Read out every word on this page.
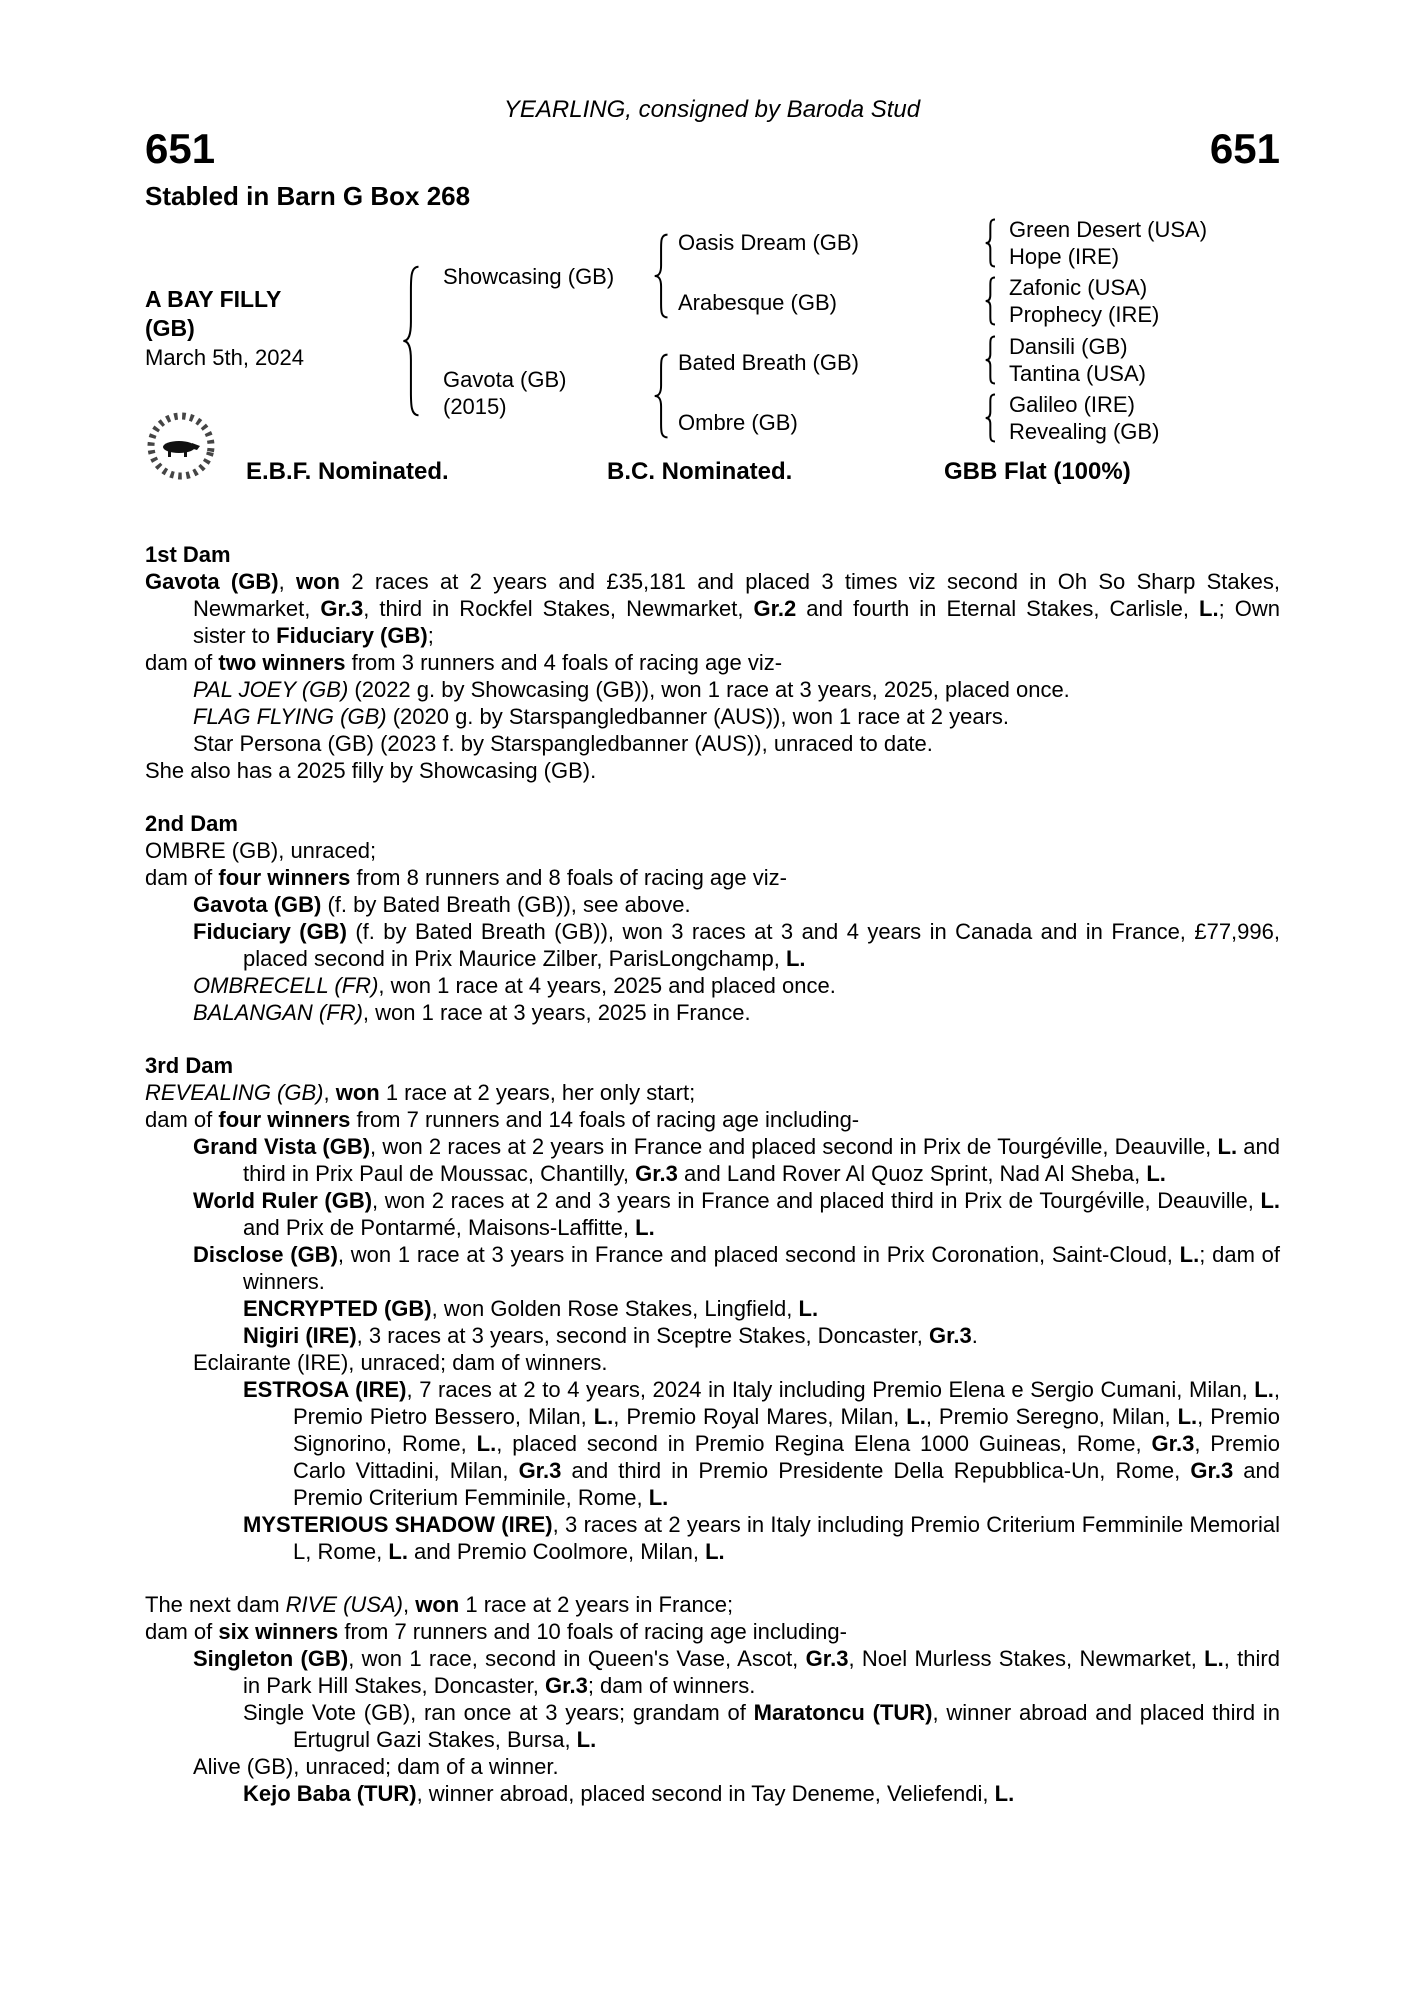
YEARLING, consigned by Baroda Stud
651	651
Stabled in Barn G Box 268
A BAY FILLY
(GB)
March 5th, 2024
Showcasing (GB)
Gavota (GB)
(2015)
Oasis Dream (GB)
Arabesque (GB)
Bated Breath (GB)
Ombre (GB)
Green Desert (USA)
Hope (IRE)
Zafonic (USA)
Prophecy (IRE)
Dansili (GB)
Tantina (USA)
Galileo (IRE)
Revealing (GB)
E.B.F. Nominated.	B.C. Nominated.	GBB Flat (100%)
1st Dam
Gavota (GB), won 2 races at 2 years and £35,181 and placed 3 times viz second in Oh So Sharp Stakes, Newmarket, Gr.3, third in Rockfel Stakes, Newmarket, Gr.2 and fourth in Eternal Stakes, Carlisle, L.; Own sister to Fiduciary (GB);
dam of two winners from 3 runners and 4 foals of racing age viz-
PAL JOEY (GB) (2022 g. by Showcasing (GB)), won 1 race at 3 years, 2025, placed once.
FLAG FLYING (GB) (2020 g. by Starspangledbanner (AUS)), won 1 race at 2 years.
Star Persona (GB) (2023 f. by Starspangledbanner (AUS)), unraced to date.
She also has a 2025 filly by Showcasing (GB).
2nd Dam
OMBRE (GB), unraced;
dam of four winners from 8 runners and 8 foals of racing age viz-
Gavota (GB) (f. by Bated Breath (GB)), see above.
Fiduciary (GB) (f. by Bated Breath (GB)), won 3 races at 3 and 4 years in Canada and in France, £77,996, placed second in Prix Maurice Zilber, ParisLongchamp, L.
OMBRECELL (FR), won 1 race at 4 years, 2025 and placed once.
BALANGAN (FR), won 1 race at 3 years, 2025 in France.
3rd Dam
REVEALING (GB), won 1 race at 2 years, her only start;
dam of four winners from 7 runners and 14 foals of racing age including-
Grand Vista (GB), won 2 races at 2 years in France and placed second in Prix de Tourgéville, Deauville, L. and third in Prix Paul de Moussac, Chantilly, Gr.3 and Land Rover Al Quoz Sprint, Nad Al Sheba, L.
World Ruler (GB), won 2 races at 2 and 3 years in France and placed third in Prix de Tourgéville, Deauville, L. and Prix de Pontarmé, Maisons-Laffitte, L.
Disclose (GB), won 1 race at 3 years in France and placed second in Prix Coronation, Saint-Cloud, L.; dam of winners.
ENCRYPTED (GB), won Golden Rose Stakes, Lingfield, L.
Nigiri (IRE), 3 races at 3 years, second in Sceptre Stakes, Doncaster, Gr.3.
Eclairante (IRE), unraced; dam of winners.
ESTROSA (IRE), 7 races at 2 to 4 years, 2024 in Italy including Premio Elena e Sergio Cumani, Milan, L., Premio Pietro Bessero, Milan, L., Premio Royal Mares, Milan, L., Premio Seregno, Milan, L., Premio Signorino, Rome, L., placed second in Premio Regina Elena 1000 Guineas, Rome, Gr.3, Premio Carlo Vittadini, Milan, Gr.3 and third in Premio Presidente Della Repubblica-Un, Rome, Gr.3 and Premio Criterium Femminile, Rome, L.
MYSTERIOUS SHADOW (IRE), 3 races at 2 years in Italy including Premio Criterium Femminile Memorial L, Rome, L. and Premio Coolmore, Milan, L.
The next dam RIVE (USA), won 1 race at 2 years in France;
dam of six winners from 7 runners and 10 foals of racing age including-
Singleton (GB), won 1 race, second in Queen's Vase, Ascot, Gr.3, Noel Murless Stakes, Newmarket, L., third in Park Hill Stakes, Doncaster, Gr.3; dam of winners.
Single Vote (GB), ran once at 3 years; grandam of Maratoncu (TUR), winner abroad and placed third in Ertugrul Gazi Stakes, Bursa, L.
Alive (GB), unraced; dam of a winner.
Kejo Baba (TUR), winner abroad, placed second in Tay Deneme, Veliefendi, L.
